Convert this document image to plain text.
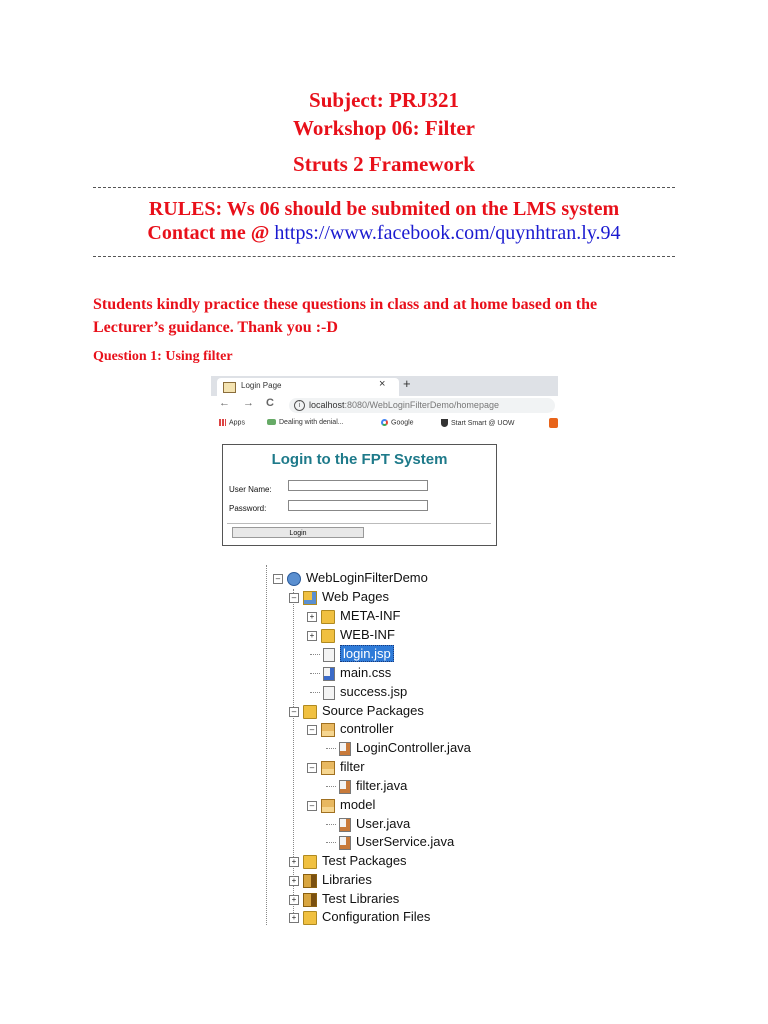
Subject: PRJ321
Workshop 06: Filter
Struts 2 Framework
RULES: Ws 06 should be submited on the LMS system
Contact me @ https://www.facebook.com/quynhtran.ly.94
Students kindly practice these questions in class and at home based on the
Lecturer’s guidance. Thank you :-D
Question 1: Using filter
Login Page	× +
← → C	i localhost:8080/WebLoginFilterDemo/homepage
Apps	Dealing with denial...	Google	Start Smart @ UOW
Login to the FPT System
User Name:
Password:
Login
– WebLoginFilterDemo
– Web Pages
+ META-INF
+ WEB-INF
login.jsp
main.css
success.jsp
– Source Packages
– controller
LoginController.java
– filter
filter.java
– model
User.java
UserService.java
+ Test Packages
+ Libraries
+ Test Libraries
+ Configuration Files
